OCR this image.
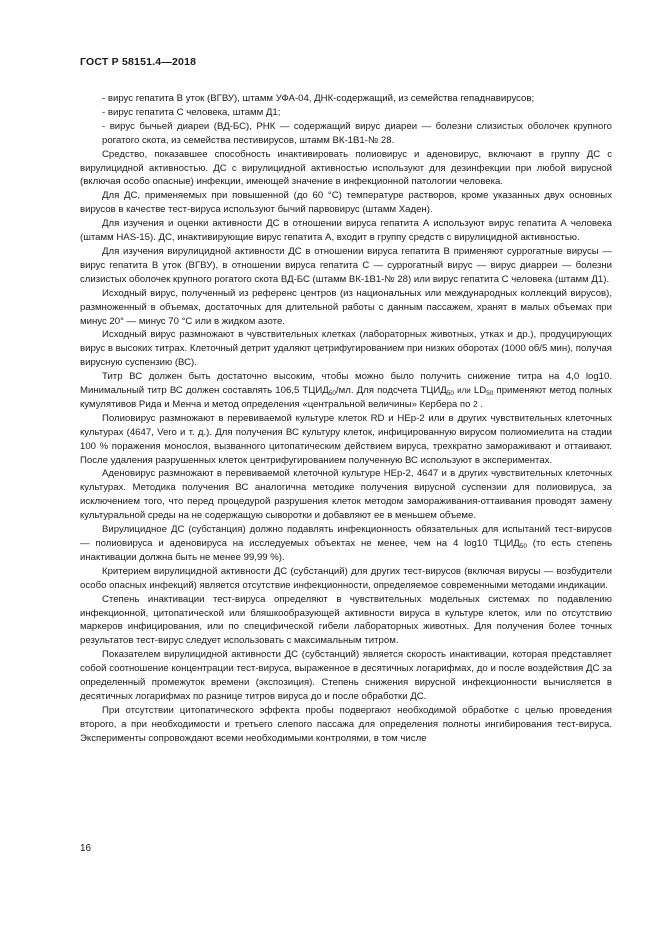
ГОСТ Р 58151.4—2018

- вирус гепатита В уток (ВГВУ), штамм УФА-04, ДНК-содержащий, из семейства гепаднавирусов;

- вирус гепатита С человека, штамм Д1;

- вирус бычьей диареи (ВД-БС), РНК — содержащий вирус диареи — болезни слизистых оболочек крупного рогатого скота, из семейства пестивирусов, штамм ВК-1В1-№ 28.

Средство, показавшее способность инактивировать полиовирус и аденовирус, включают в группу ДС с вирулицидной активностью. ДС с вирулицидной активностью используют для дезинфекции при любой вирусной (включая особо опасные) инфекции, имеющей значение в инфекционной патологии человека.

Для ДС, применяемых при повышенной (до 60 °С) температуре растворов, кроме указанных двух основных вирусов в качестве тест-вируса используют бычий парвовирус (штамм Хаден).

Для изучения и оценки активности ДС в отношении вируса гепатита А используют вирус гепатита А человека (штамм HAS-15). ДС, инактивирующие вирус гепатита А, входит в группу средств с вирулицидной активностью.

Для изучения вирулицидной активности ДС в отношении вируса гепатита В применяют суррогатные вирусы — вирус гепатита В уток (ВГВУ), в отношении вируса гепатита С — суррогатный вирус — вирус диарреи — болезни слизистых оболочек крупного рогатого скота ВД-БС (штамм ВК-1В1-№ 28) или вирус гепатита С человека (штамм Д1).

Исходный вирус, полученный из референс центров (из национальных или международных коллекций вирусов), размноженный в объемах, достаточных для длительной работы с данным пассажем, хранят в малых объемах при минус 20° — минус 70 °С или в жидком азоте.

Исходный вирус размножают в чувствительных клетках (лабораторных животных, утках и др.), продуцирующих вирус в высоких титрах. Клеточный детрит удаляют цетрифугированием при низких оборотах (1000 об/5 мин), получая вирусную суспензию (ВС).

Титр ВС должен быть достаточно высоким, чтобы можно было получить снижение титра на 4,0 log10. Минимальный титр ВС должен составлять 106,5 $ТЦИД_{50}/мл$. Для подсчета $ТЦИД_{50}$ или $LD_{50}$ применяют метод полных кумулятивов Рида и Менча и метод определения «центральной величины» Кербера по 2 .

Полиовирус размножают в перевиваемой культуре клеток RD и НЕр-2 или в других чувствительных клеточных культурах (4647, Vero и т. д.). Для получения ВС культуру клеток, инфицированную вирусом полиомиелита на стадии 100 % поражения монослоя, вызванного цитопатическим действием вируса, трехкратно замораживают и оттаивают. После удаления разрушенных клеток центрифугированием полученную ВС используют в экспериментах.

Аденовирус размножают в перевиваемой клеточной культуре НЕр-2, 4647 и в других чувствительных клеточных культурах. Методика получения ВС аналогична методике получения вирусной суспензии для полиовируса, за исключением того, что перед процедурой разрушения клеток методом замораживания-оттаивания проводят замену культуральной среды на не содержащую сыворотки и добавляют ее в меньшем объеме.

Вирулицидное ДС (субстанция) должно подавлять инфекционность обязательных для испытаний тест-вирусов — полиовируса и аденовируса на исследуемых объектах не менее, чем на 4 log10 $ТЦИД_{50}$ (то есть степень инактивации должна быть не менее 99,99 %).

Критерием вирулицидной активности ДС (субстанций) для других тест-вирусов (включая вирусы — возбудители особо опасных инфекций) является отсутствие инфекционности, определяемое современными методами индикации.

Степень инактивации тест-вируса определяют в чувствительных модельных системах по подавлению инфекционной, цитопатической или бляшкообразующей активности вируса в культуре клеток, или по отсутствию маркеров инфицирования, или по специфической гибели лабораторных животных. Для получения более точных результатов тест-вирус следует использовать с максимальным титром.

Показателем вирулицидной активности ДС (субстанций) является скорость инактивации, которая представляет собой соотношение концентрации тест-вируса, выраженное в десятичных логарифмах, до и после воздействия ДС за определенный промежуток времени (экспозиция). Степень снижения вирусной инфекционности вычисляется в десятичных логарифмах по разнице титров вируса до и после обработки ДС.

При отсутствии цитопатического эффекта пробы подвергают необходимой обработке с целью проведения второго, а при необходимости и третьего слепого пассажа для определения полноты ингибирования тест-вируса. Эксперименты сопровождают всеми необходимыми контролями, в том числе

16
